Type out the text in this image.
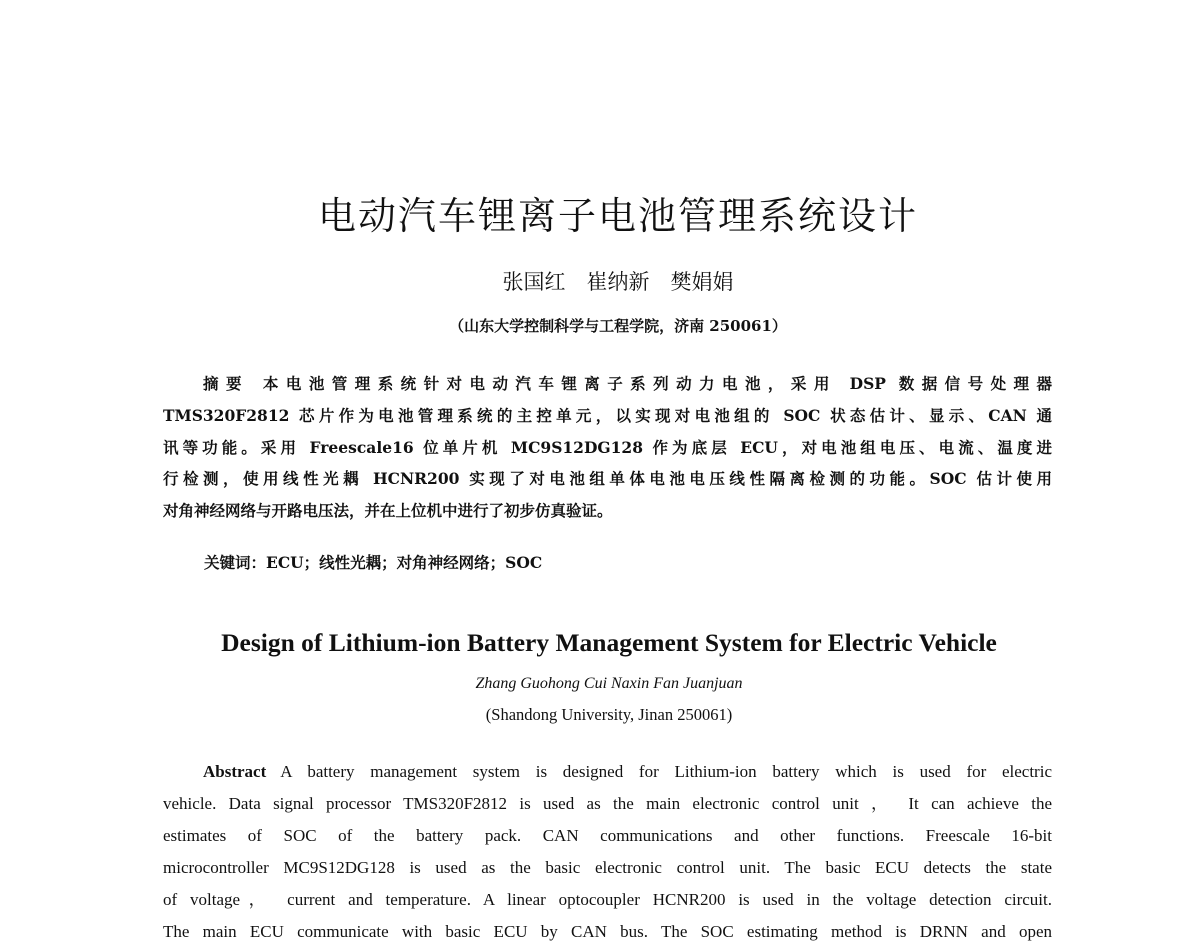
电动汽车锂离子电池管理系统设计
张国红　崔纳新　樊娟娟
（山东大学控制科学与工程学院，济南 250061）
摘要 本电池管理系统针对电动汽车锂离子系列动力电池，采用 DSP 数据信号处理器
TMS320F2812 芯片作为电池管理系统的主控单元，以实现对电池组的 SOC 状态估计、显示、CAN 通
讯等功能。采用 Freescale16 位单片机 MC9S12DG128 作为底层 ECU，对电池组电压、电流、温度进
行检测，使用线性光耦 HCNR200 实现了对电池组单体电池电压线性隔离检测的功能。SOC 估计使用
对角神经网络与开路电压法，并在上位机中进行了初步仿真验证。
关键词：ECU；线性光耦；对角神经网络；SOC
Design of Lithium-ion Battery Management System for Electric Vehicle
Zhang Guohong Cui Naxin Fan Juanjuan
(Shandong University, Jinan 250061)
Abstract A battery management system is designed for Lithium-ion battery which is used for electric
vehicle. Data signal processor TMS320F2812 is used as the main electronic control unit ， It can achieve the
estimates of SOC of the battery pack. CAN communications and other functions. Freescale 16-bit
microcontroller MC9S12DG128 is used as the basic electronic control unit. The basic ECU detects the state
of voltage， current and temperature. A linear optocoupler HCNR200 is used in the voltage detection circuit.
The main ECU communicate with basic ECU by CAN bus. The SOC estimating method is DRNN and open
